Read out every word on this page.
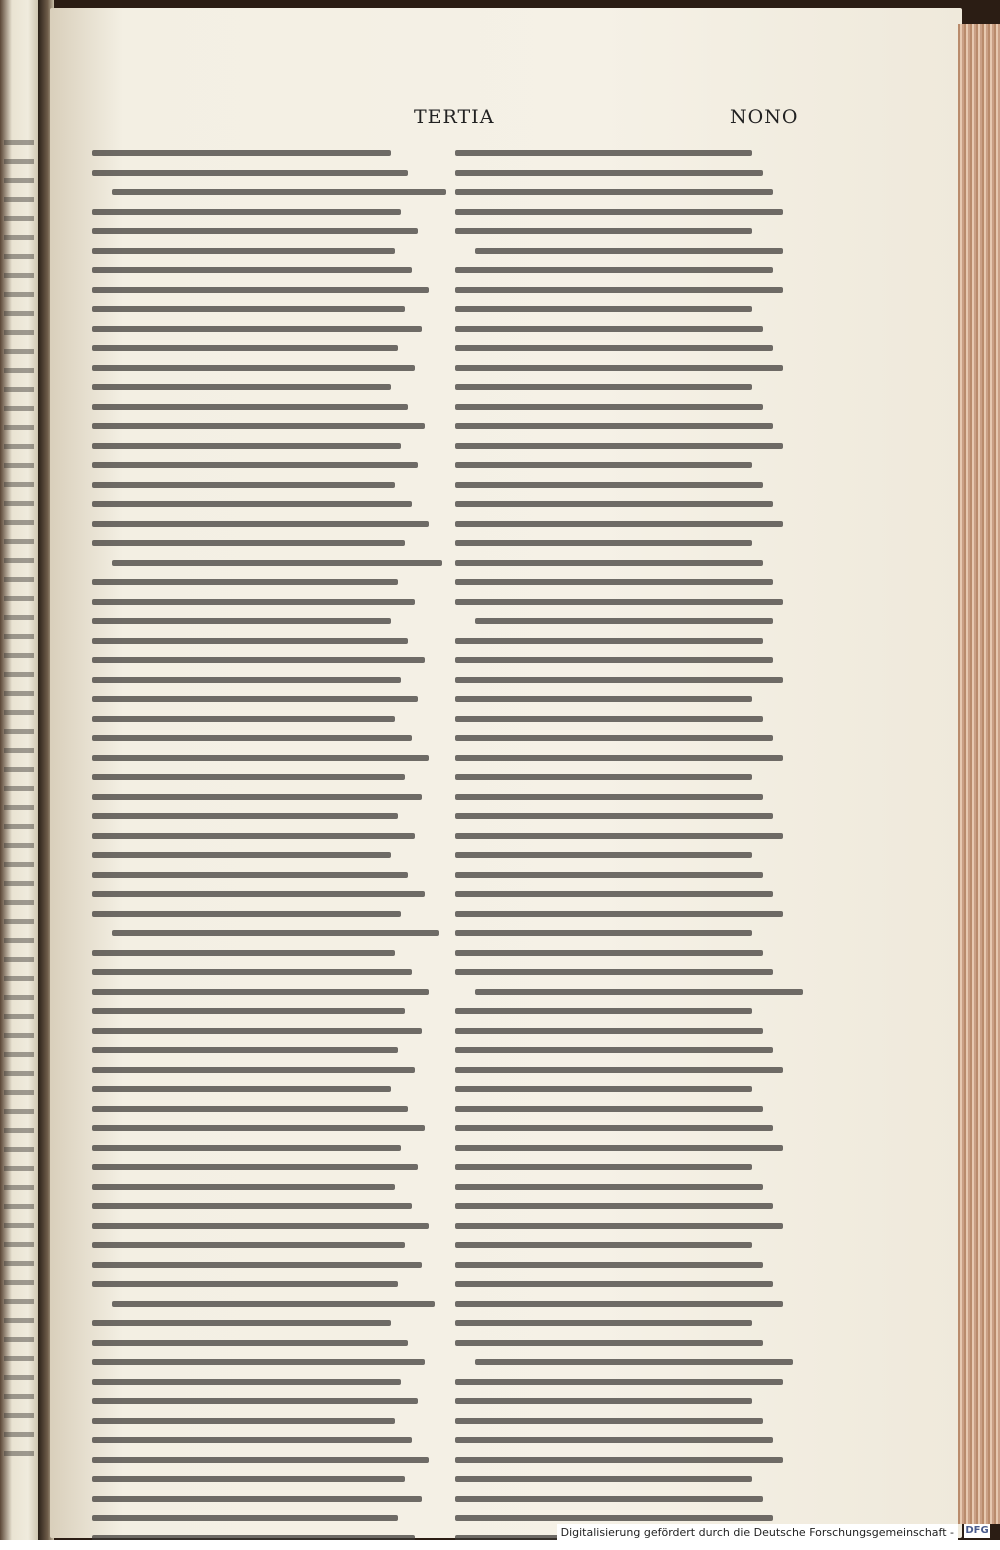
TERTIA	NONO
Digitalisierung gefördert durch die Deutsche Forschungsgemeinschaft -	DFG
